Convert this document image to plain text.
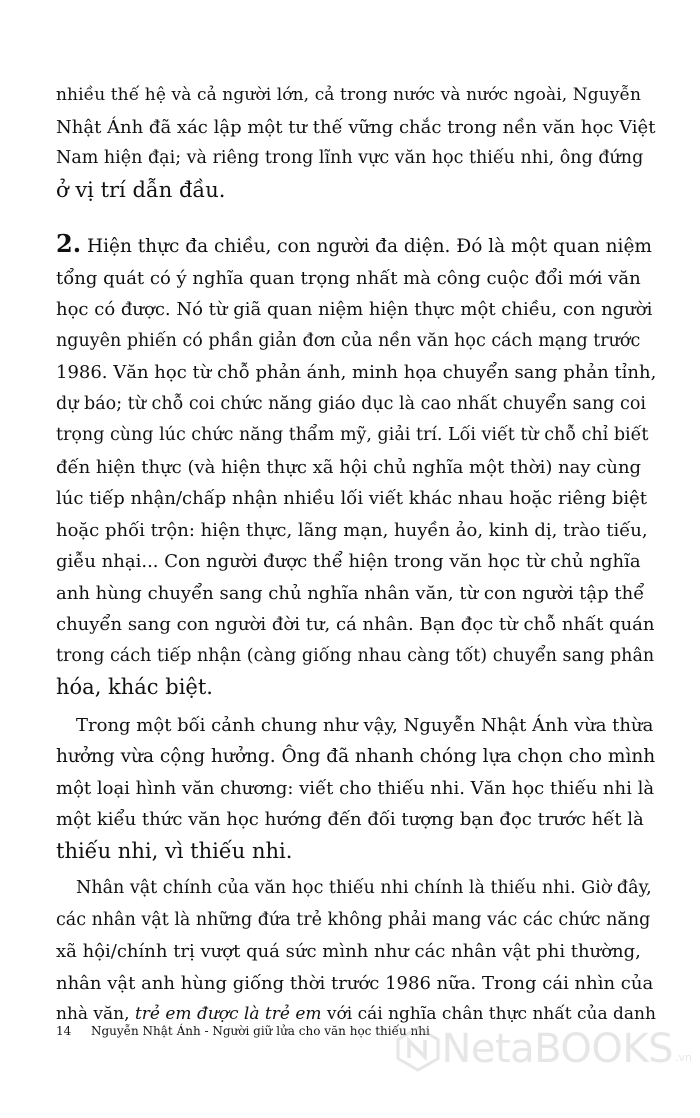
nhiều thế hệ và cả người lớn, cả trong nước và nước ngoài, Nguyễn
Nhật Ánh đã xác lập một tư thế vững chắc trong nền văn học Việt
Nam hiện đại; và riêng trong lĩnh vực văn học thiếu nhi, ông đứng
ở vị trí dẫn đầu.
2. Hiện thực đa chiều, con người đa diện. Đó là một quan niệm
tổng quát có ý nghĩa quan trọng nhất mà công cuộc đổi mới văn
học có được. Nó từ giã quan niệm hiện thực một chiều, con người
nguyên phiến có phần giản đơn của nền văn học cách mạng trước
1986. Văn học từ chỗ phản ánh, minh họa chuyển sang phản tỉnh,
dự báo; từ chỗ coi chức năng giáo dục là cao nhất chuyển sang coi
trọng cùng lúc chức năng thẩm mỹ, giải trí. Lối viết từ chỗ chỉ biết
đến hiện thực (và hiện thực xã hội chủ nghĩa một thời) nay cùng
lúc tiếp nhận/chấp nhận nhiều lối viết khác nhau hoặc riêng biệt
hoặc phối trộn: hiện thực, lãng mạn, huyền ảo, kinh dị, trào tiếu,
giễu nhại... Con người được thể hiện trong văn học từ chủ nghĩa
anh hùng chuyển sang chủ nghĩa nhân văn, từ con người tập thể
chuyển sang con người đời tư, cá nhân. Bạn đọc từ chỗ nhất quán
trong cách tiếp nhận (càng giống nhau càng tốt) chuyển sang phân
hóa, khác biệt.
Trong một bối cảnh chung như vậy, Nguyễn Nhật Ánh vừa thừa
hưởng vừa cộng hưởng. Ông đã nhanh chóng lựa chọn cho mình
một loại hình văn chương: viết cho thiếu nhi. Văn học thiếu nhi là
một kiểu thức văn học hướng đến đối tượng bạn đọc trước hết là
thiếu nhi, vì thiếu nhi.
Nhân vật chính của văn học thiếu nhi chính là thiếu nhi. Giờ đây,
các nhân vật là những đứa trẻ không phải mang vác các chức năng
xã hội/chính trị vượt quá sức mình như các nhân vật phi thường,
nhân vật anh hùng giống thời trước 1986 nữa. Trong cái nhìn của
nhà văn, trẻ em được là trẻ em với cái nghĩa chân thực nhất của danh
14 Nguyễn Nhật Ánh - Người giữ lửa cho văn học thiếu nhi NetaBOOKS .vn
